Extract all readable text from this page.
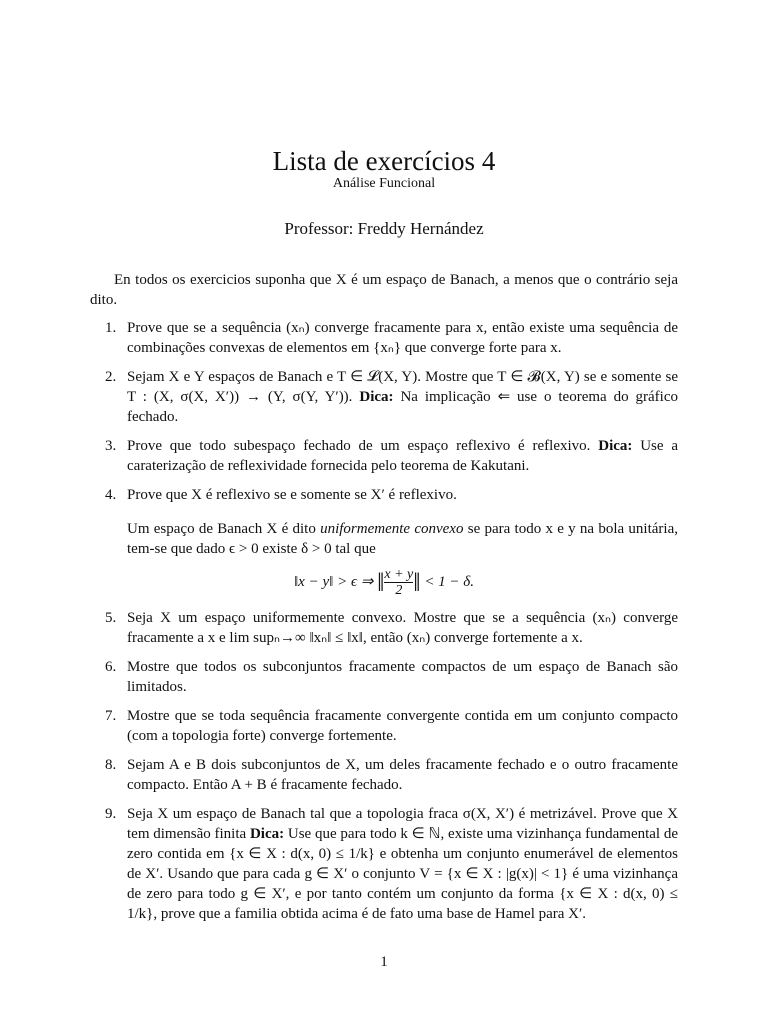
Lista de exercícios 4
Análise Funcional
Professor: Freddy Hernández

En todos os exercicios suponha que X é um espaço de Banach, a menos que o contrário seja dito.

1. Prove que se a sequência (xₙ) converge fracamente para x, então existe uma sequência de combinações convexas de elementos em {xₙ} que converge forte para x.
2. Sejam X e Y espaços de Banach e T ∈ 𝓛(X, Y). Mostre que T ∈ 𝓑(X, Y) se e somente se T : (X, σ(X, X′)) → (Y, σ(Y, Y′)). Dica: Na implicação ⇐ use o teorema do gráfico fechado.
3. Prove que todo subespaço fechado de um espaço reflexivo é reflexivo. Dica: Use a caraterização de reflexividade fornecida pelo teorema de Kakutani.
4. Prove que X é reflexivo se e somente se X′ é reflexivo.

Um espaço de Banach X é dito uniformemente convexo se para todo x e y na bola unitária, tem-se que dado ϵ > 0 existe δ > 0 tal que

‖x − y‖ > ϵ ⇒ ‖ $\frac{x + y}{2}$ ‖ < 1 − δ.
5. Seja X um espaço uniformemente convexo. Mostre que se a sequência (xₙ) converge fracamente a x e lim supₙ→∞ ‖xₙ‖ ≤ ‖x‖, então (xₙ) converge fortemente a x.
6. Mostre que todos os subconjuntos fracamente compactos de um espaço de Banach são limitados.
7. Mostre que se toda sequência fracamente convergente contida em um conjunto compacto (com a topologia forte) converge fortemente.
8. Sejam A e B dois subconjuntos de X, um deles fracamente fechado e o outro fracamente compacto. Então A + B é fracamente fechado.
9. Seja X um espaço de Banach tal que a topologia fraca σ(X, X′) é metrizável. Prove que X tem dimensão finita Dica: Use que para todo k ∈ ℕ, existe uma vizinhança fundamental de zero contida em {x ∈ X : d(x, 0) ≤ 1/k} e obtenha um conjunto enumerável de elementos de X′. Usando que para cada g ∈ X′ o conjunto V = {x ∈ X : |g(x)| < 1} é uma vizinhança de zero para todo g ∈ X′, e por tanto contém um conjunto da forma {x ∈ X : d(x, 0) ≤ 1/k}, prove que a familia obtida acima é de fato uma base de Hamel para X′.
1
